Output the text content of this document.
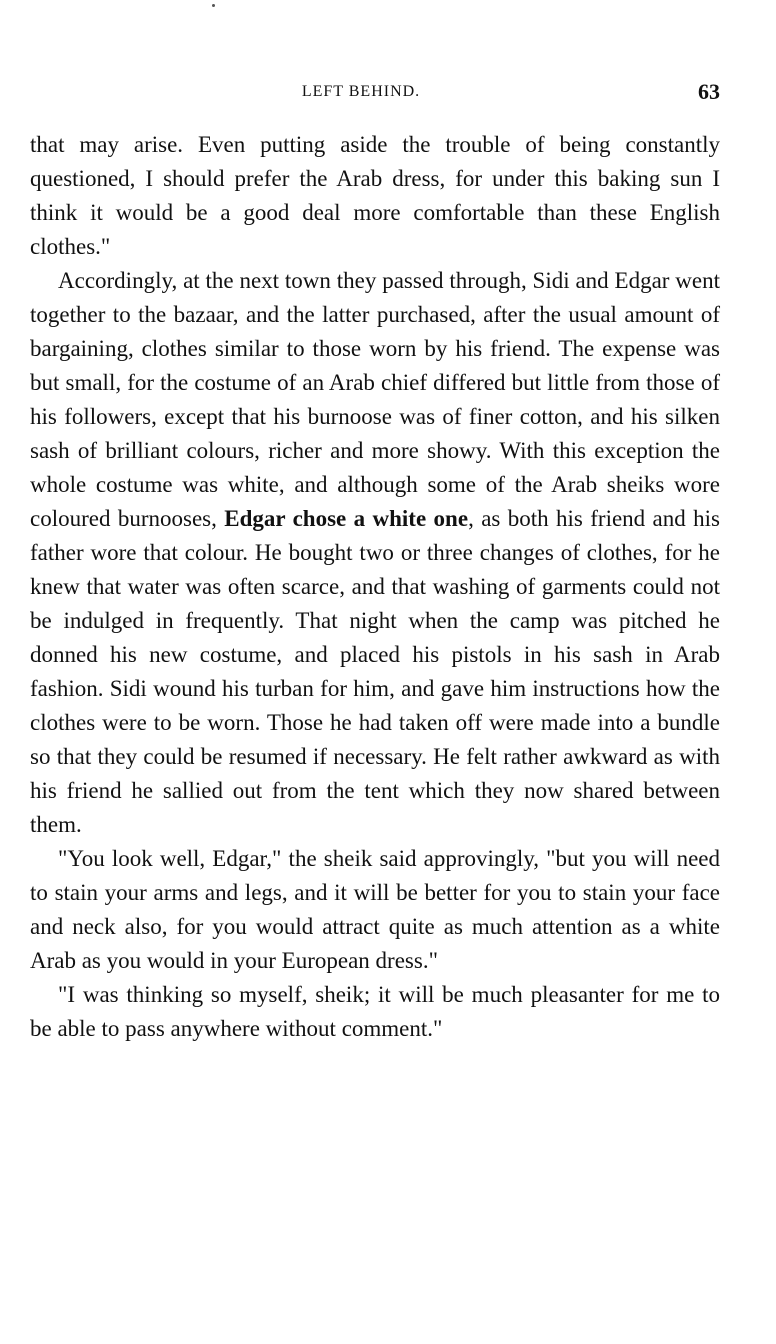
LEFT BEHIND.	63

that may arise. Even putting aside the trouble of being constantly questioned, I should prefer the Arab dress, for under this baking sun I think it would be a good deal more comfortable than these English clothes."

Accordingly, at the next town they passed through, Sidi and Edgar went together to the bazaar, and the latter purchased, after the usual amount of bargaining, clothes similar to those worn by his friend. The expense was but small, for the costume of an Arab chief differed but little from those of his followers, except that his burnoose was of finer cotton, and his silken sash of brilliant colours, richer and more showy. With this exception the whole costume was white, and although some of the Arab sheiks wore coloured burnooses, Edgar chose a white one, as both his friend and his father wore that colour. He bought two or three changes of clothes, for he knew that water was often scarce, and that washing of garments could not be indulged in frequently. That night when the camp was pitched he donned his new costume, and placed his pistols in his sash in Arab fashion. Sidi wound his turban for him, and gave him instructions how the clothes were to be worn. Those he had taken off were made into a bundle so that they could be resumed if necessary. He felt rather awkward as with his friend he sallied out from the tent which they now shared between them.

"You look well, Edgar," the sheik said approvingly, "but you will need to stain your arms and legs, and it will be better for you to stain your face and neck also, for you would attract quite as much attention as a white Arab as you would in your European dress."

"I was thinking so myself, sheik; it will be much pleasanter for me to be able to pass anywhere without comment."
